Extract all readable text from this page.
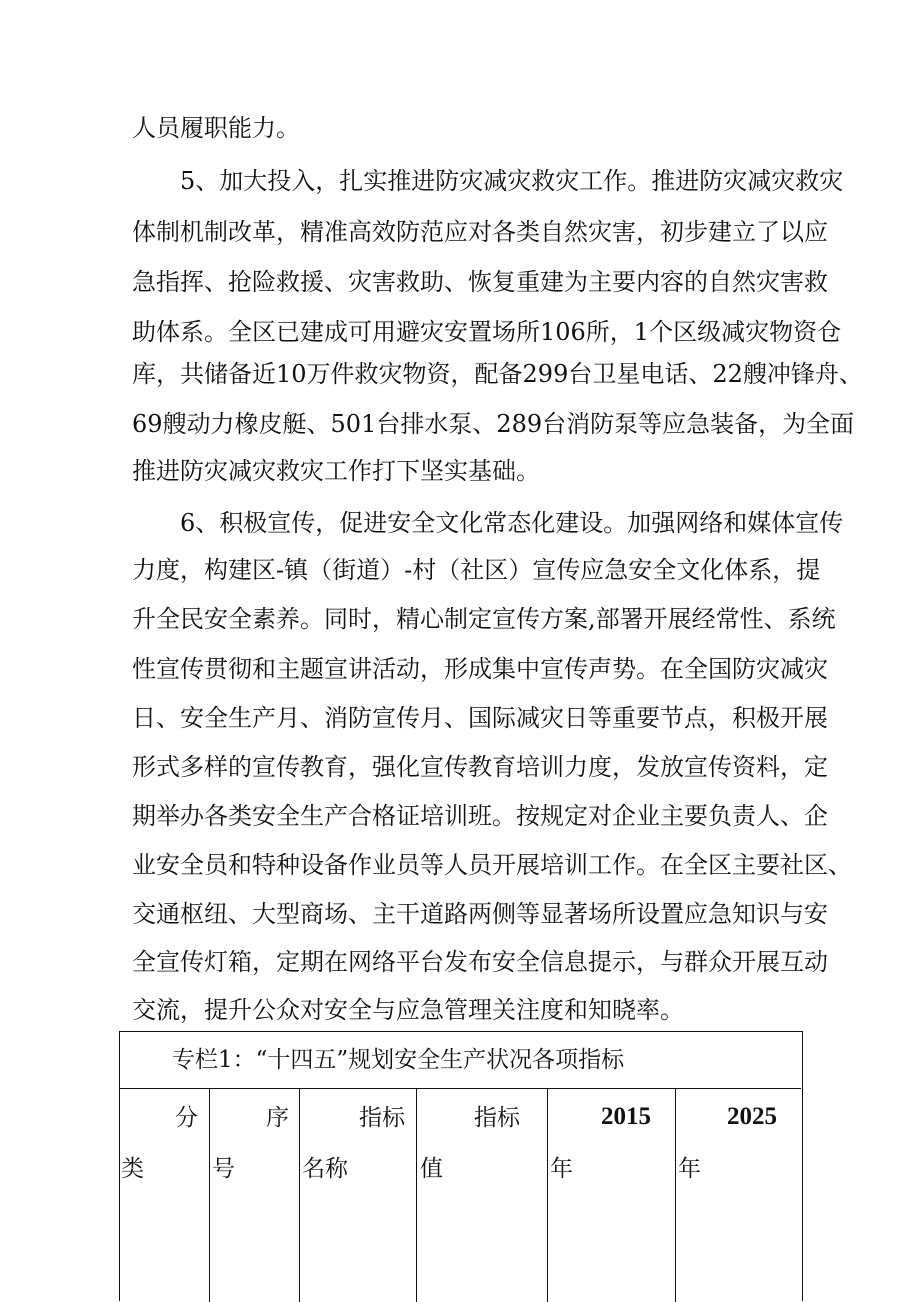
人员履职能力。
5、加大投入，扎实推进防灾减灾救灾工作。推进防灾减灾救灾
体制机制改革，精准高效防范应对各类自然灾害，初步建立了以应
急指挥、抢险救援、灾害救助、恢复重建为主要内容的自然灾害救
助体系。全区已建成可用避灾安置场所106所，1个区级减灾物资仓
库，共储备近10万件救灾物资，配备299台卫星电话、22艘冲锋舟、
69艘动力橡皮艇、501台排水泵、289台消防泵等应急装备，为全面
推进防灾减灾救灾工作打下坚实基础。
6、积极宣传，促进安全文化常态化建设。加强网络和媒体宣传
力度，构建区-镇（街道）-村（社区）宣传应急安全文化体系，提
升全民安全素养。同时，精心制定宣传方案,部署开展经常性、系统
性宣传贯彻和主题宣讲活动，形成集中宣传声势。在全国防灾减灾
日、安全生产月、消防宣传月、国际减灾日等重要节点，积极开展
形式多样的宣传教育，强化宣传教育培训力度，发放宣传资料，定
期举办各类安全生产合格证培训班。按规定对企业主要负责人、企
业安全员和特种设备作业员等人员开展培训工作。在全区主要社区、
交通枢纽、大型商场、主干道路两侧等显著场所设置应急知识与安
全宣传灯箱，定期在网络平台发布安全信息提示，与群众开展互动
交流，提升公众对安全与应急管理关注度和知晓率。
专栏1：“十四五”规划安全生产状况各项指标
分	序	指标	指标	2015	2025
类	号	名称	值	年	年
